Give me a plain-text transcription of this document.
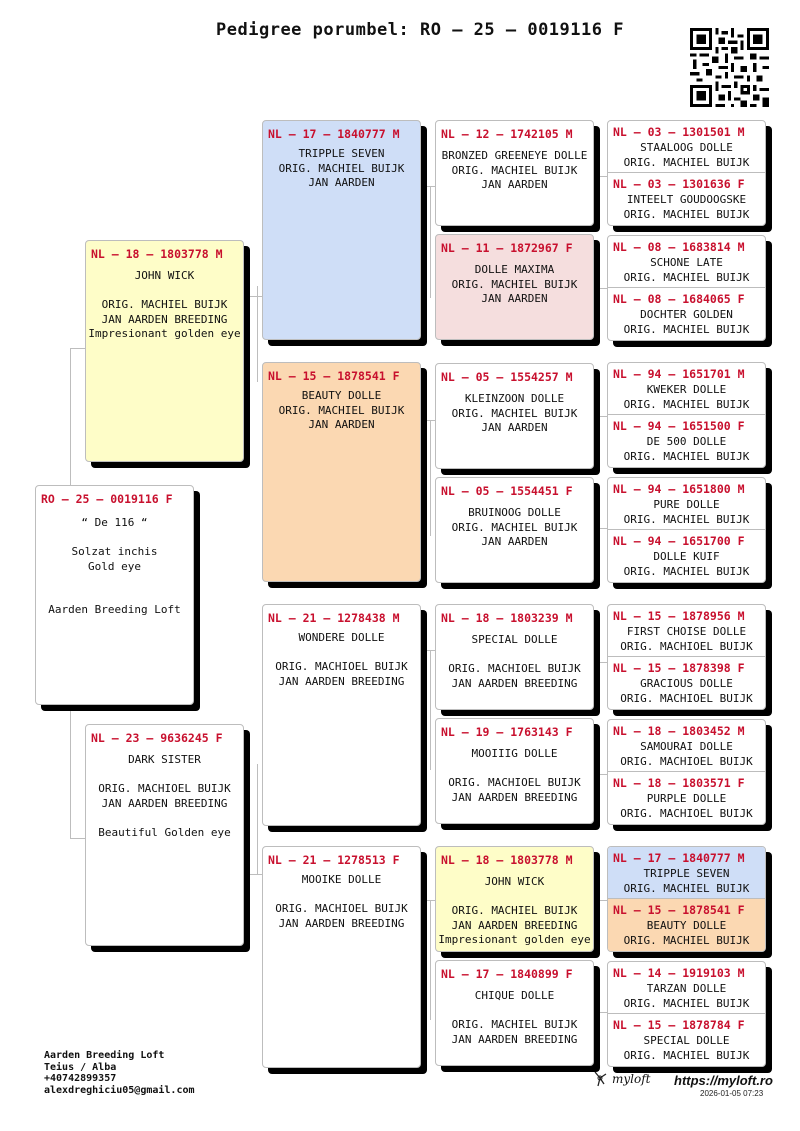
Pedigree porumbel: RO – 25 – 0019116 F
RO – 25 – 0019116 F
“ De 116 “
Solzat inchis
Gold eye
Aarden Breeding Loft
NL – 18 – 1803778 M
JOHN WICK
ORIG. MACHIEL BUIJK
JAN AARDEN BREEDING
Impresionant golden eye
NL – 23 – 9636245 F
DARK SISTER
ORIG. MACHIOEL BUIJK
JAN AARDEN BREEDING
Beautiful Golden eye
NL – 17 – 1840777 M
TRIPPLE SEVEN
ORIG. MACHIEL BUIJK
JAN AARDEN
NL – 15 – 1878541 F
BEAUTY DOLLE
ORIG. MACHIEL BUIJK
JAN AARDEN
NL – 21 – 1278438 M
WONDERE DOLLE
ORIG. MACHIOEL BUIJK
JAN AARDEN BREEDING
NL – 21 – 1278513 F
MOOIKE DOLLE
ORIG. MACHIOEL BUIJK
JAN AARDEN BREEDING
NL – 12 – 1742105 M
BRONZED GREENEYE DOLLE
ORIG. MACHIEL BUIJK
JAN AARDEN
NL – 11 – 1872967 F
DOLLE MAXIMA
ORIG. MACHIEL BUIJK
JAN AARDEN
NL – 05 – 1554257 M
KLEINZOON DOLLE
ORIG. MACHIEL BUIJK
JAN AARDEN
NL – 05 – 1554451 F
BRUINOOG DOLLE
ORIG. MACHIEL BUIJK
JAN AARDEN
NL – 18 – 1803239 M
SPECIAL DOLLE
ORIG. MACHIOEL BUIJK
JAN AARDEN BREEDING
NL – 19 – 1763143 F
MOOIIIG DOLLE
ORIG. MACHIOEL BUIJK
JAN AARDEN BREEDING
NL – 18 – 1803778 M
JOHN WICK
ORIG. MACHIEL BUIJK
JAN AARDEN BREEDING
Impresionant golden eye
NL – 17 – 1840899 F
CHIQUE DOLLE
ORIG. MACHIEL BUIJK
JAN AARDEN BREEDING
NL – 03 – 1301501 M
STAALOOG DOLLE
ORIG. MACHIEL BUIJK
NL – 03 – 1301636 F
INTEELT GOUDOOGSKE
ORIG. MACHIEL BUIJK
NL – 08 – 1683814 M
SCHONE LATE
ORIG. MACHIEL BUIJK
NL – 08 – 1684065 F
DOCHTER GOLDEN
ORIG. MACHIEL BUIJK
NL – 94 – 1651701 M
KWEKER DOLLE
ORIG. MACHIEL BUIJK
NL – 94 – 1651500 F
DE 500 DOLLE
ORIG. MACHIEL BUIJK
NL – 94 – 1651800 M
PURE DOLLE
ORIG. MACHIEL BUIJK
NL – 94 – 1651700 F
DOLLE KUIF
ORIG. MACHIEL BUIJK
NL – 15 – 1878956 M
FIRST CHOISE DOLLE
ORIG. MACHIOEL BUIJK
NL – 15 – 1878398 F
GRACIOUS DOLLE
ORIG. MACHIOEL BUIJK
NL – 18 – 1803452 M
SAMOURAI DOLLE
ORIG. MACHIOEL BUIJK
NL – 18 – 1803571 F
PURPLE DOLLE
ORIG. MACHIOEL BUIJK
NL – 17 – 1840777 M
TRIPPLE SEVEN
ORIG. MACHIEL BUIJK
NL – 15 – 1878541 F
BEAUTY DOLLE
ORIG. MACHIEL BUIJK
NL – 14 – 1919103 M
TARZAN DOLLE
ORIG. MACHIEL BUIJK
NL – 15 – 1878784 F
SPECIAL DOLLE
ORIG. MACHIEL BUIJK
Aarden Breeding Loft
Teius / Alba
+40742899357
alexdreghiciu05@gmail.com
myloft https://myloft.ro
2026-01-05 07:23
